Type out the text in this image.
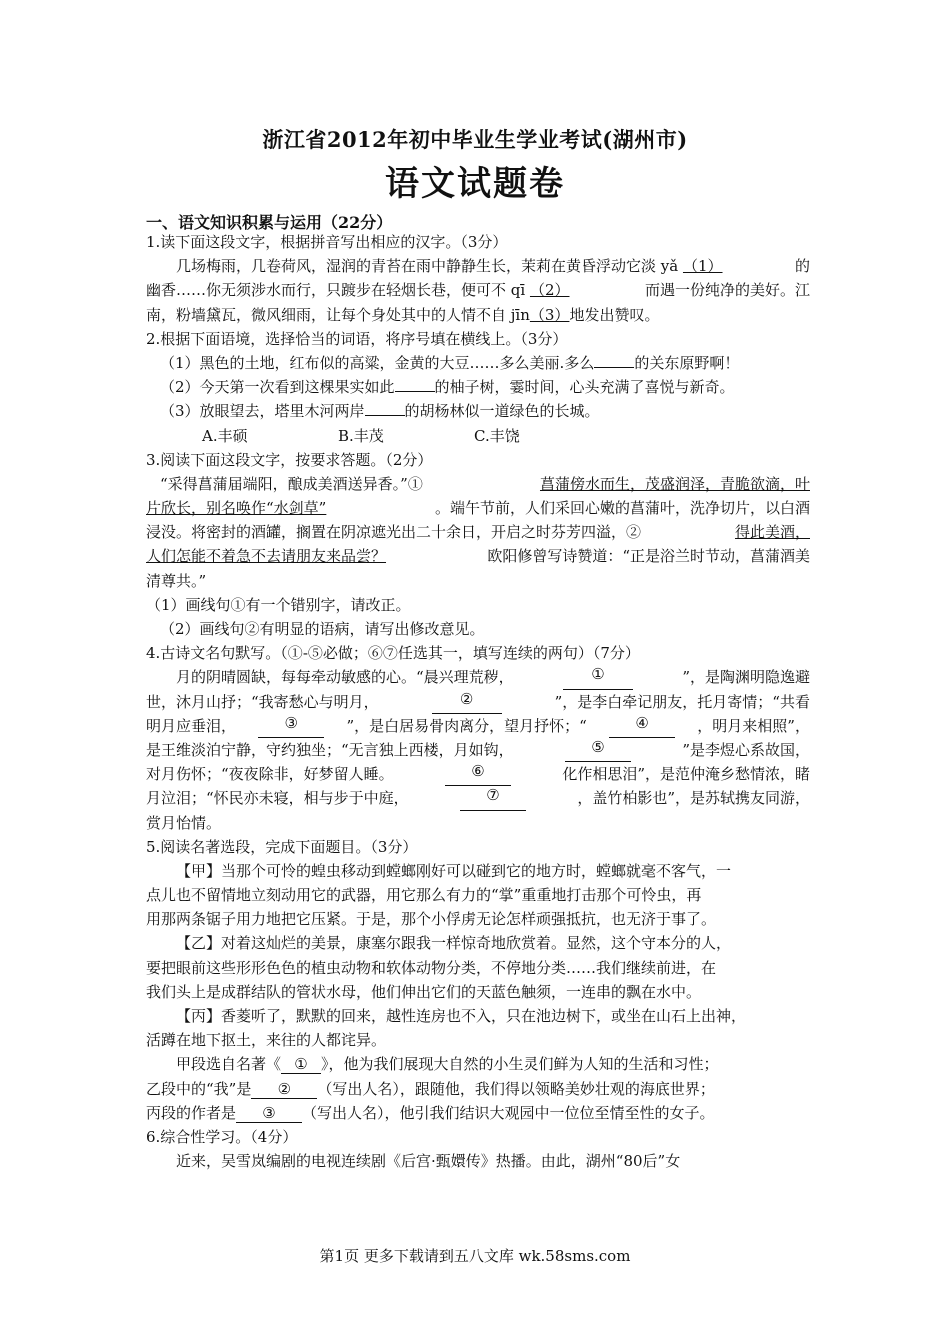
浙江省2012年初中毕业生学业考试(湖州市)
语文试题卷
一、语文知识积累与运用（22分）
1.读下面这段文字，根据拼音写出相应的汉字。（3分）
几场梅雨，几卷荷风，湿润的青苔在雨中静静生长，茉莉在黄昏浮动它淡 yǎ （1）	的
幽香……你无须涉水而行，只踱步在轻烟长巷，便可不 qī （2）	而遇一份纯净的美好。江
南，粉墙黛瓦，微风细雨，让每个身处其中的人情不自 jīn（3）地发出赞叹。
2.根据下面语境，选择恰当的词语，将序号填在横线上。（3分）
（1）黑色的土地，红布似的高粱，金黄的大豆……多么美丽.多么	的关东原野啊！
（2）今天第一次看到这棵果实如此	的柚子树，霎时间，心头充满了喜悦与新奇。
（3）放眼望去，塔里木河两岸	的胡杨林似一道绿色的长城。
A.丰硕	B.丰茂	C.丰饶
3.阅读下面这段文字，按要求答题。（2分）
“采得菖蒲届端阳，酿成美酒送异香。”①	菖蒲傍水而生，茂盛润泽，青脆欲滴，叶
片欣长，别名唤作“水剑草”	。端午节前，人们采回心嫩的菖蒲叶，洗净切片，以白酒
浸没。将密封的酒罐，搁置在阴凉遮光出二十余日，开启之时芬芳四溢，②	得此美酒，
人们怎能不着急不去请朋友来品尝？	欧阳修曾写诗赞道：“正是浴兰时节动，菖蒲酒美
清尊共。”
（1）画线句①有一个错别字，请改正。
（2）画线句②有明显的语病，请写出修改意见。
4.古诗文名句默写。（①-⑤必做；⑥⑦任选其一，填写连续的两句）（7分）
月的阴晴圆缺，每每牵动敏感的心。“晨兴理荒秽，	①	”，是陶渊明隐逸避
世，沐月山抒；“我寄愁心与明月，	②	”，是李白牵记朋友，托月寄情；“共看
明月应垂泪，	③	”，是白居易骨肉离分，望月抒怀；“	④	，明月来相照”，
是王维淡泊宁静，守约独坐；“无言独上西楼，月如钩，	⑤	”是李煜心系故国，
对月伤怀；“夜夜除非，好梦留人睡。	⑥	化作相思泪”，是范仲淹乡愁情浓，睹
月泣泪；“怀民亦未寝，相与步于中庭，	⑦	，盖竹柏影也”，是苏轼携友同游，
赏月怡情。
5.阅读名著选段，完成下面题目。（3分）
【甲】当那个可怜的蝗虫移动到螳螂刚好可以碰到它的地方时，螳螂就毫不客气，一
点儿也不留情地立刻动用它的武器，用它那么有力的“掌”重重地打击那个可怜虫，再
用那两条锯子用力地把它压紧。于是，那个小俘虏无论怎样顽强抵抗，也无济于事了。
【乙】对着这灿烂的美景，康塞尔跟我一样惊奇地欣赏着。显然，这个守本分的人，
要把眼前这些形形色色的植虫动物和软体动物分类，不停地分类……我们继续前进，在
我们头上是成群结队的管状水母，他们伸出它们的天蓝色触须，一连串的飘在水中。
【丙】香菱听了，默默的回来，越性连房也不入，只在池边树下，或坐在山石上出神，
活蹲在地下抠土，来往的人都诧异。
甲段选自名著《 ① 》，他为我们展现大自然的小生灵们鲜为人知的生活和习性；
乙段中的“我”是 ② （写出人名），跟随他，我们得以领略美妙壮观的海底世界；
丙段的作者是 ③ （写出人名），他引我们结识大观园中一位位至情至性的女子。
6.综合性学习。（4分）
近来，吴雪岚编剧的电视连续剧《后宫·甄嬛传》热播。由此，湖州“80后”女
第1页 更多下载请到五八文库 wk.58sms.com
